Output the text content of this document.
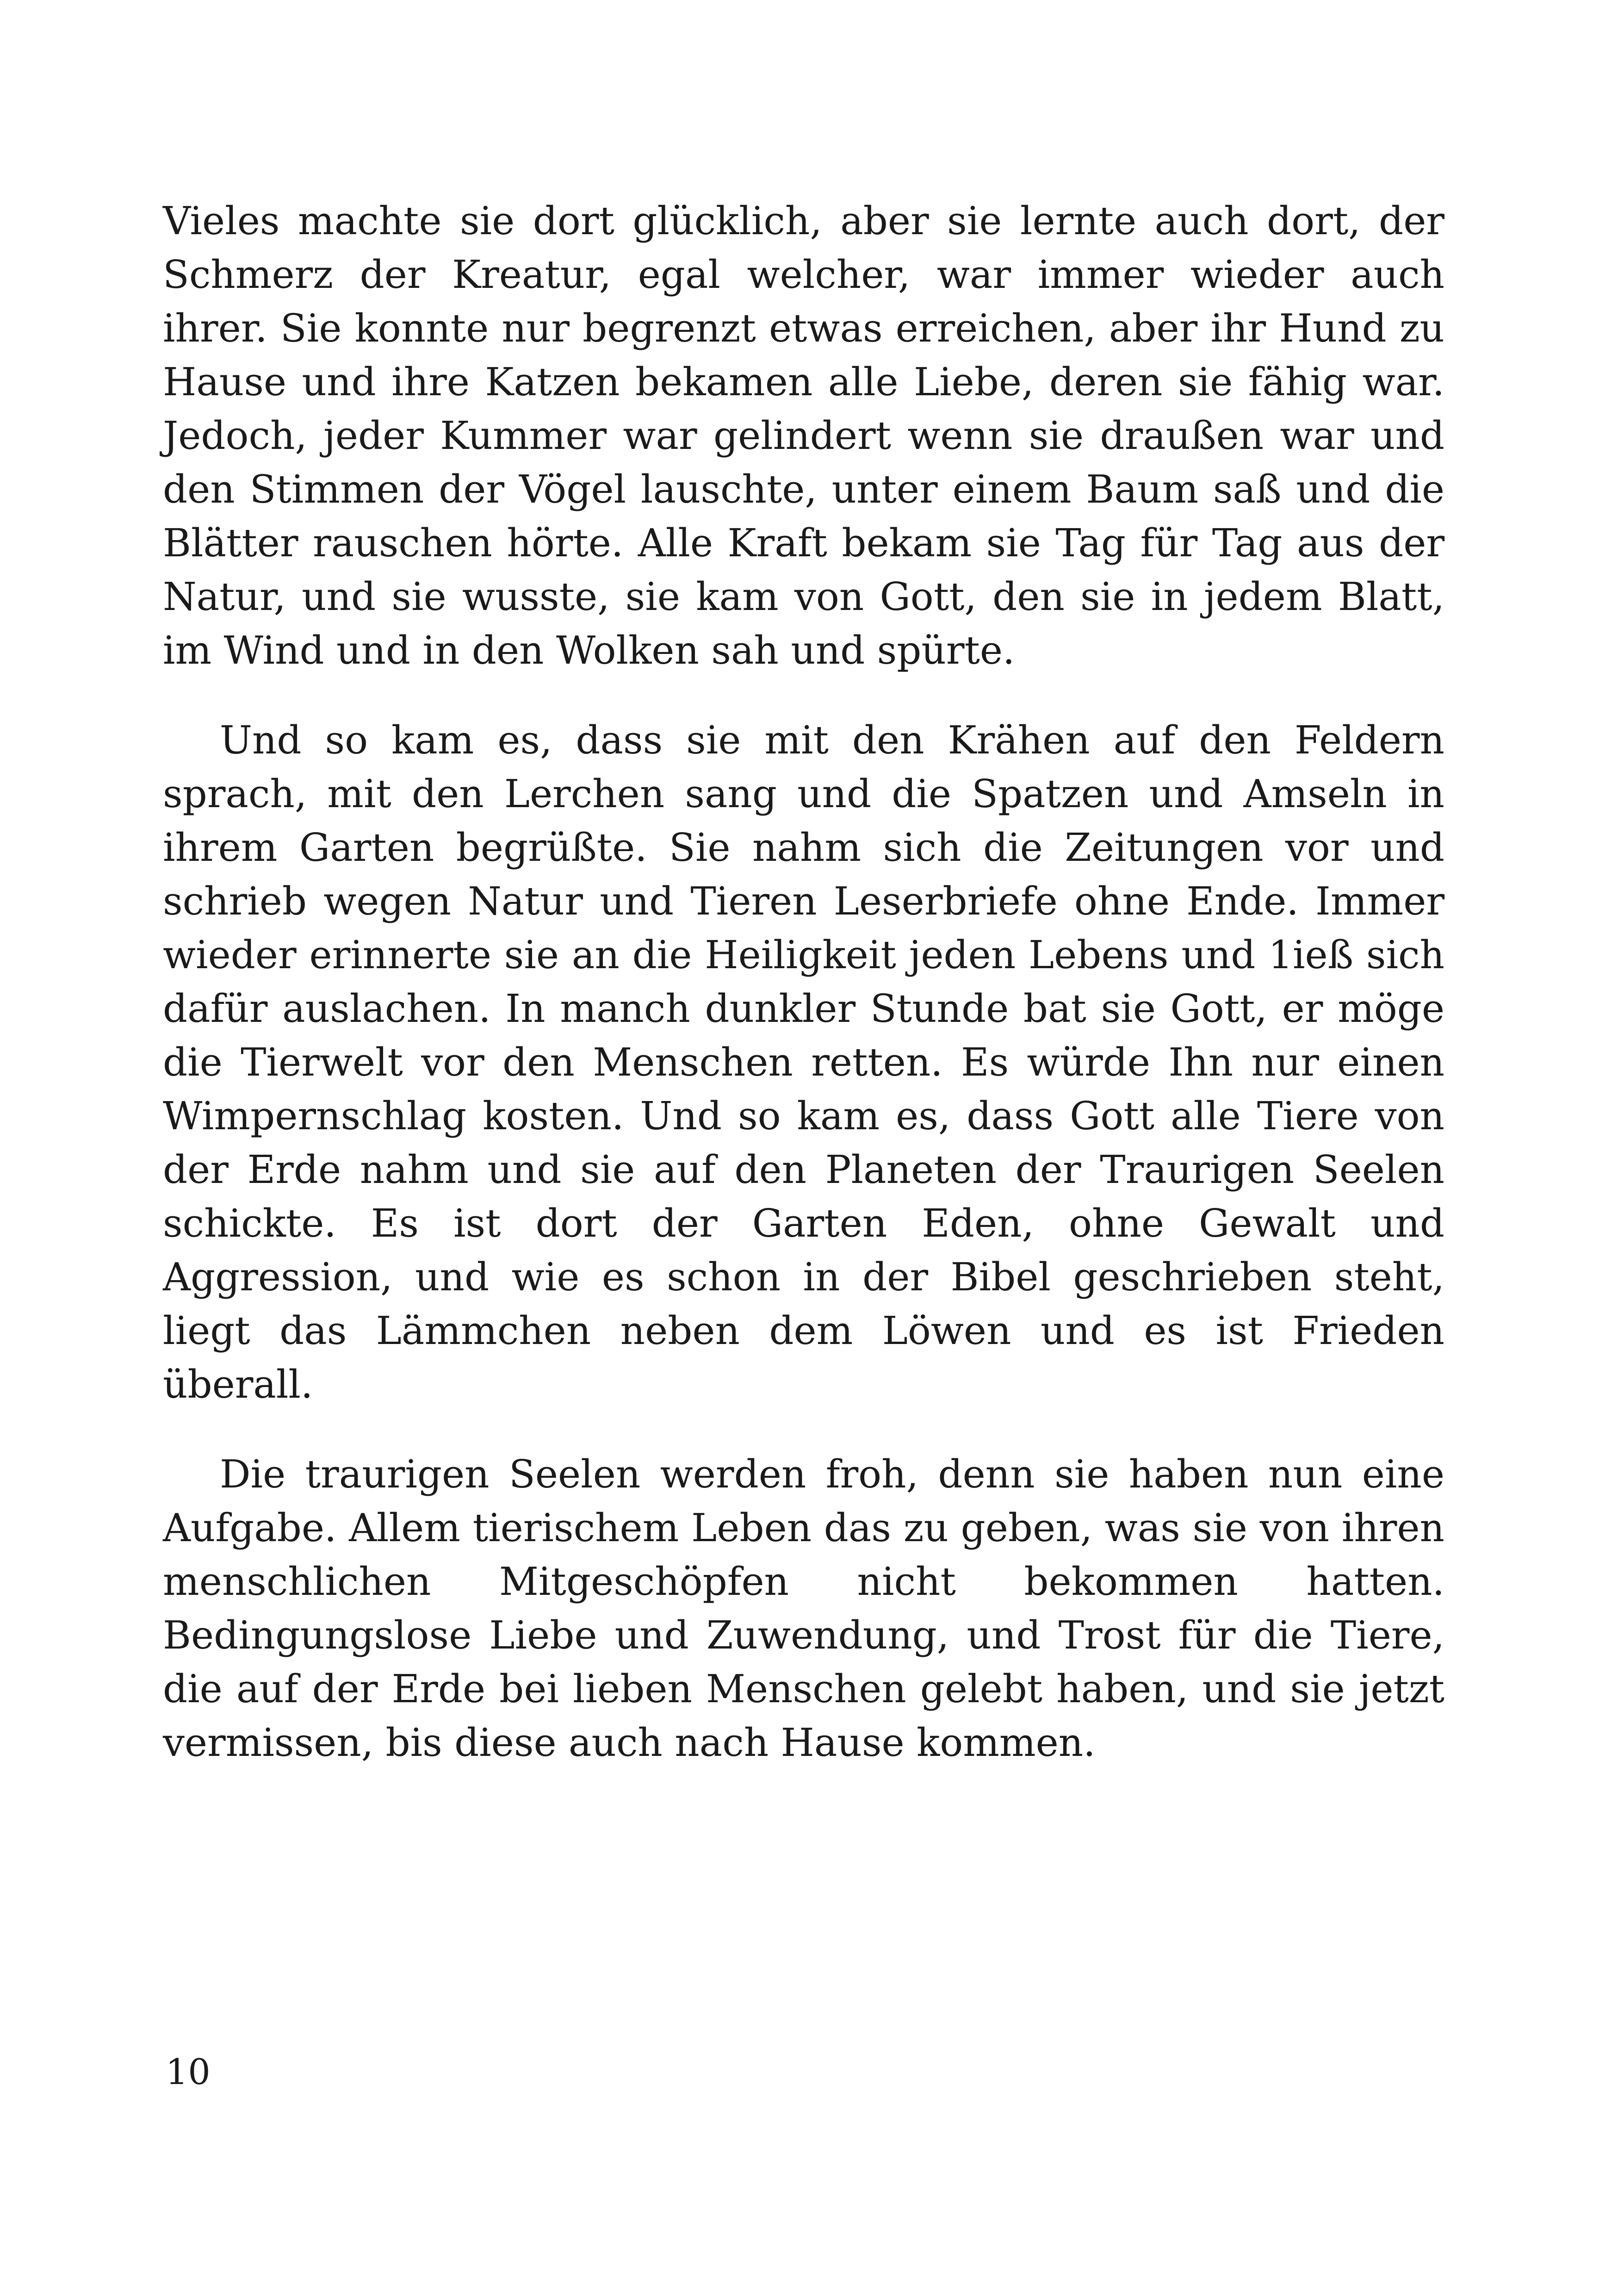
Vieles machte sie dort glücklich, aber sie lernte auch dort, der Schmerz der Kreatur, egal welcher, war immer wieder auch ihrer. Sie konnte nur begrenzt etwas erreichen, aber ihr Hund zu Hause und ihre Katzen bekamen alle Liebe, deren sie fähig war. Jedoch, jeder Kummer war gelindert wenn sie draußen war und den Stimmen der Vögel lauschte, unter einem Baum saß und die Blätter rauschen hörte. Alle Kraft bekam sie Tag für Tag aus der Natur, und sie wusste, sie kam von Gott, den sie in jedem Blatt, im Wind und in den Wolken sah und spürte.

Und so kam es, dass sie mit den Krähen auf den Feldern sprach, mit den Lerchen sang und die Spatzen und Amseln in ihrem Garten begrüßte. Sie nahm sich die Zeitungen vor und schrieb wegen Natur und Tieren Leserbriefe ohne Ende. Immer wieder erinnerte sie an die Heiligkeit jeden Lebens und 1ieß sich dafür auslachen. In manch dunkler Stunde bat sie Gott, er möge die Tierwelt vor den Menschen retten. Es würde Ihn nur einen Wimpernschlag kosten. Und so kam es, dass Gott alle Tiere von der Erde nahm und sie auf den Planeten der Traurigen Seelen schickte. Es ist dort der Garten Eden, ohne Gewalt und Aggression, und wie es schon in der Bibel geschrieben steht, liegt das Lämmchen neben dem Löwen und es ist Frieden überall.

Die traurigen Seelen werden froh, denn sie haben nun eine Aufgabe. Allem tierischem Leben das zu geben, was sie von ihren menschlichen Mitgeschöpfen nicht bekommen hatten. Bedingungslose Liebe und Zuwendung, und Trost für die Tiere, die auf der Erde bei lieben Menschen gelebt haben, und sie jetzt vermissen, bis diese auch nach Hause kommen.

10
